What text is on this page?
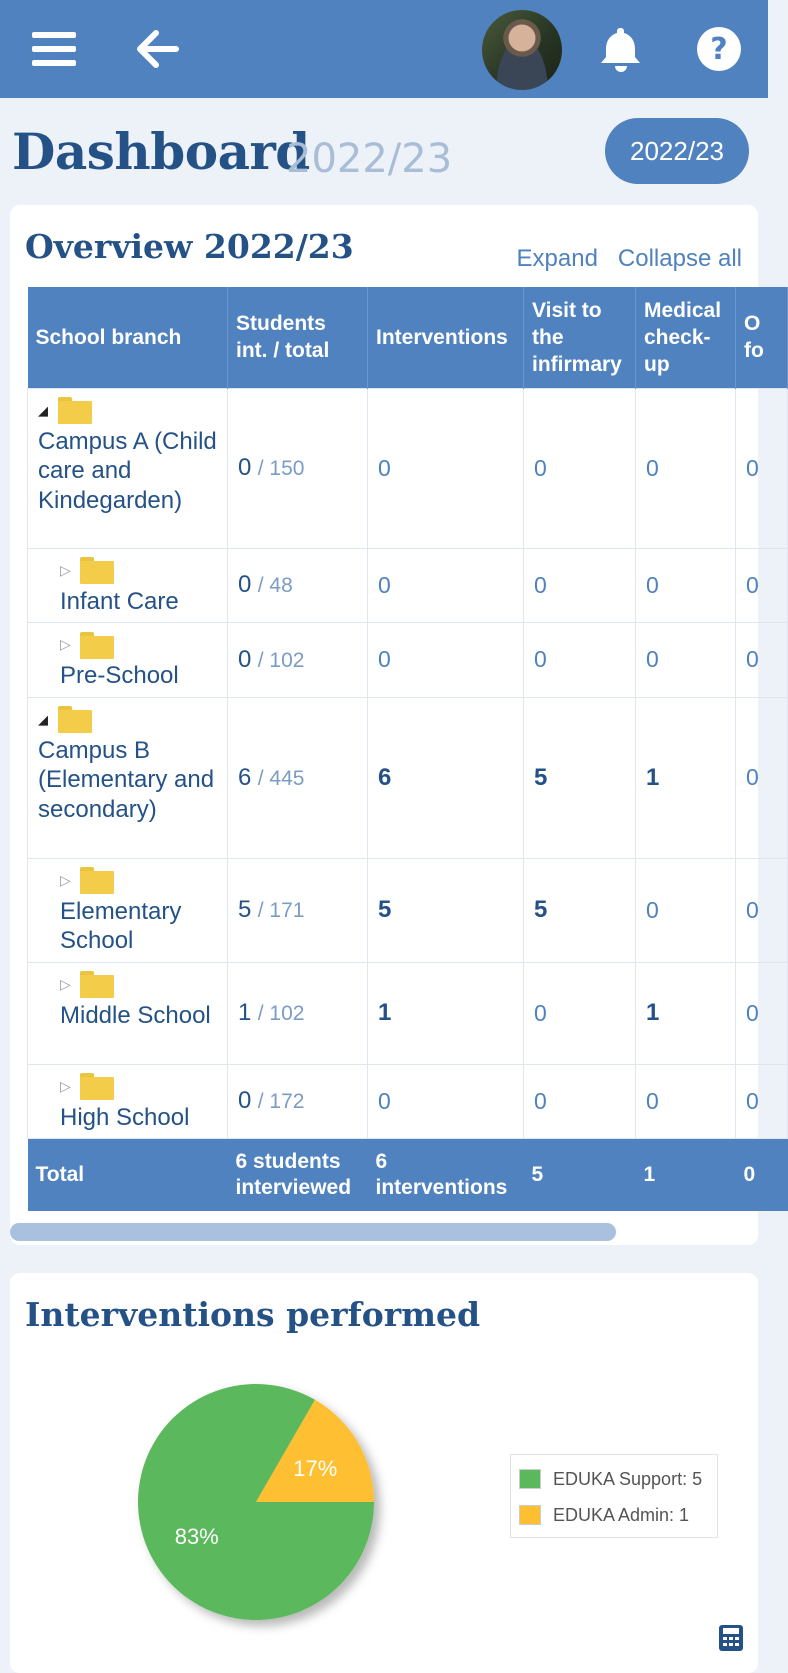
?
Dashboard
2022/23	2022/23
Overview 2022/23	Expand Collapse all
School branch	Students int. / total	Interventions	Visit to the infirmary	Medical check-up	O fo

◢
Campus A (Child care and Kindegarden)	0 / 150	0	0	0	0

▷
Infant Care	0 / 48	0	0	0	0

▷
Pre-School	0 / 102	0	0	0	0

◢
Campus B (Elementary and secondary)	6 / 445	6	5	1	0

▷
Elementary School	5 / 171	5	5	0	0

▷
Middle School	1 / 102	1	0	1	0

▷
High School	0 / 172	0	0	0	0
Total	6 students interviewed	6 interventions	5	1	0
Interventions performed
83%
17%	EDUKA Support: 5
EDUKA Admin: 1
